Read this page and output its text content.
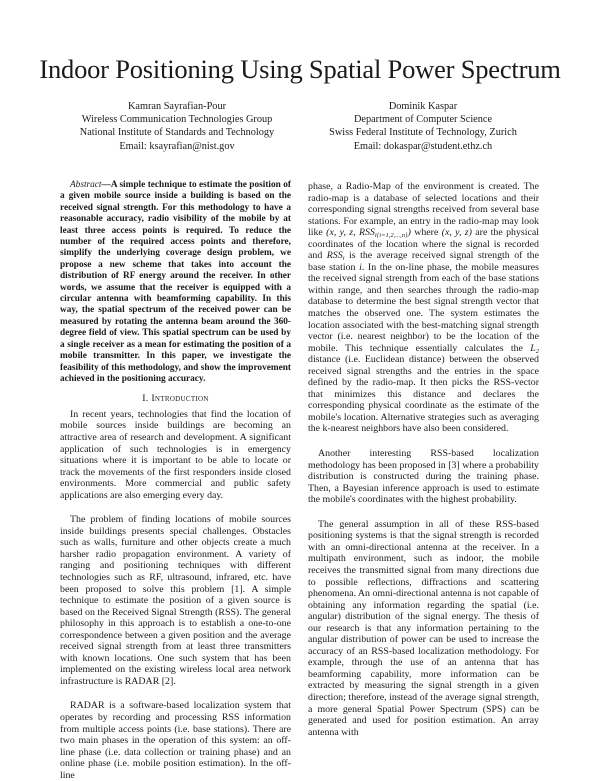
Indoor Positioning Using Spatial Power Spectrum
Kamran Sayrafian-Pour
Wireless Communication Technologies Group
National Institute of Standards and Technology
Email: ksayrafian@nist.gov
Dominik Kaspar
Department of Computer Science
Swiss Federal Institute of Technology, Zurich
Email: dokaspar@student.ethz.ch

Abstract—A simple technique to estimate the position of a given mobile source inside a building is based on the received signal strength. For this methodology to have a reasonable accuracy, radio visibility of the mobile by at least three access points is required. To reduce the number of the required access points and therefore, simplify the underlying coverage design problem, we propose a new scheme that takes into account the distribution of RF energy around the receiver. In other words, we assume that the receiver is equipped with a circular antenna with beamforming capability. In this way, the spatial spectrum of the received power can be measured by rotating the antenna beam around the 360-degree field of view. This spatial spectrum can be used by a single receiver as a mean for estimating the position of a mobile transmitter. In this paper, we investigate the feasibility of this methodology, and show the improvement achieved in the positioning accuracy.

I. Introduction

In recent years, technologies that find the location of mobile sources inside buildings are becoming an attractive area of research and development. A significant application of such technologies is in emergency situations where it is important to be able to locate or track the movements of the first responders inside closed environments. More commercial and public safety applications are also emerging every day.

The problem of finding locations of mobile sources inside buildings presents special challenges. Obstacles such as walls, furniture and other objects create a much harsher radio propagation environment. A variety of ranging and positioning techniques with different technologies such as RF, ultrasound, infrared, etc. have been proposed to solve this problem [1]. A simple technique to estimate the position of a given source is based on the Received Signal Strength (RSS). The general philosophy in this approach is to establish a one-to-one correspondence between a given position and the average received signal strength from at least three transmitters with known locations. One such system that has been implemented on the existing wireless local area network infrastructure is RADAR [2].

RADAR is a software-based localization system that operates by recording and processing RSS information from multiple access points (i.e. base stations). There are two main phases in the operation of this system: an off-line phase (i.e. data collection or training phase) and an online phase (i.e. mobile position estimation). In the off-line

phase, a Radio-Map of the environment is created. The radio-map is a database of selected locations and their corresponding signal strengths received from several base stations. For example, an entry in the radio-map may look like (x, y, z, $RSS_{i\{i=1,2,...,n\}}$) where (x, y, z) are the physical coordinates of the location where the signal is recorded and $RSS_i$ is the average received signal strength of the base station i. In the on-line phase, the mobile measures the received signal strength from each of the base stations within range, and then searches through the radio-map database to determine the best signal strength vector that matches the observed one. The system estimates the location associated with the best-matching signal strength vector (i.e. nearest neighbor) to be the location of the mobile. This technique essentially calculates the $L_2$ distance (i.e. Euclidean distance) between the observed received signal strengths and the entries in the space defined by the radio-map. It then picks the RSS-vector that minimizes this distance and declares the corresponding physical coordinate as the estimate of the mobile's location. Alternative strategies such as averaging the k-nearest neighbors have also been considered.

Another interesting RSS-based localization methodology has been proposed in [3] where a probability distribution is constructed during the training phase. Then, a Bayesian inference approach is used to estimate the mobile's coordinates with the highest probability.

The general assumption in all of these RSS-based positioning systems is that the signal strength is recorded with an omni-directional antenna at the receiver. In a multipath environment, such as indoor, the mobile receives the transmitted signal from many directions due to possible reflections, diffractions and scattering phenomena. An omni-directional antenna is not capable of obtaining any information regarding the spatial (i.e. angular) distribution of the signal energy. The thesis of our research is that any information pertaining to the angular distribution of power can be used to increase the accuracy of an RSS-based localization methodology. For example, through the use of an antenna that has beamforming capability, more information can be extracted by measuring the signal strength in a given direction; therefore, instead of the average signal strength, a more general Spatial Power Spectrum (SPS) can be generated and used for position estimation. An array antenna with
